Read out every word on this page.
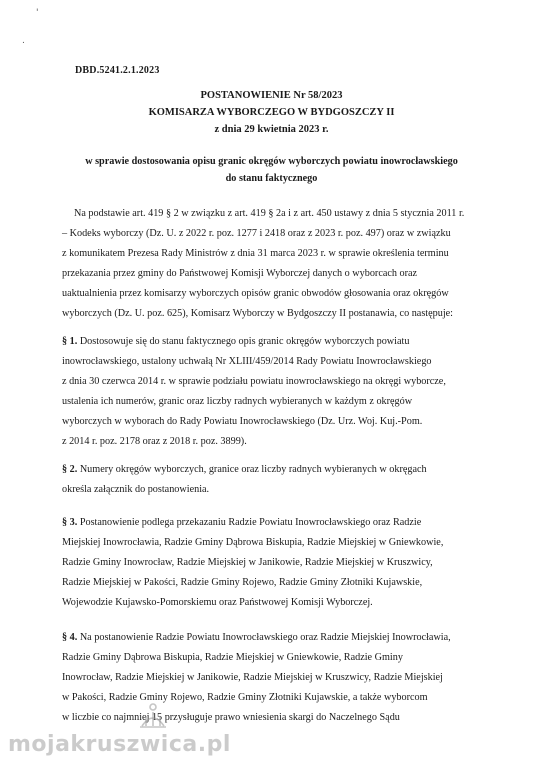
'
.
DBD.5241.2.1.2023
POSTANOWIENIE Nr 58/2023
KOMISARZA WYBORCZEGO W BYDGOSZCZY II
z dnia 29 kwietnia 2023 r.
w sprawie dostosowania opisu granic okręgów wyborczych powiatu inowrocławskiego
do stanu faktycznego
Na podstawie art. 419 § 2 w związku z art. 419 § 2a i z art. 450 ustawy z dnia 5 stycznia 2011 r.
– Kodeks wyborczy (Dz. U. z 2022 r. poz. 1277 i 2418 oraz z 2023 r. poz. 497) oraz w związku
z komunikatem Prezesa Rady Ministrów z dnia 31 marca 2023 r. w sprawie określenia terminu
przekazania przez gminy do Państwowej Komisji Wyborczej danych o wyborcach oraz
uaktualnienia przez komisarzy wyborczych opisów granic obwodów głosowania oraz okręgów
wyborczych (Dz. U. poz. 625), Komisarz Wyborczy w Bydgoszczy II postanawia, co następuje:
§ 1. Dostosowuje się do stanu faktycznego opis granic okręgów wyborczych powiatu
inowrocławskiego, ustalony uchwałą Nr XLIII/459/2014 Rady Powiatu Inowrocławskiego
z dnia 30 czerwca 2014 r. w sprawie podziału powiatu inowrocławskiego na okręgi wyborcze,
ustalenia ich numerów, granic oraz liczby radnych wybieranych w każdym z okręgów
wyborczych w wyborach do Rady Powiatu Inowrocławskiego (Dz. Urz. Woj. Kuj.-Pom.
z 2014 r. poz. 2178 oraz z 2018 r. poz. 3899).
§ 2. Numery okręgów wyborczych, granice oraz liczby radnych wybieranych w okręgach
określa załącznik do postanowienia.
§ 3. Postanowienie podlega przekazaniu Radzie Powiatu Inowrocławskiego oraz Radzie
Miejskiej Inowrocławia, Radzie Gminy Dąbrowa Biskupia, Radzie Miejskiej w Gniewkowie,
Radzie Gminy Inowrocław, Radzie Miejskiej w Janikowie, Radzie Miejskiej w Kruszwicy,
Radzie Miejskiej w Pakości, Radzie Gminy Rojewo, Radzie Gminy Złotniki Kujawskie,
Wojewodzie Kujawsko-Pomorskiemu oraz Państwowej Komisji Wyborczej.
§ 4. Na postanowienie Radzie Powiatu Inowrocławskiego oraz Radzie Miejskiej Inowrocławia,
Radzie Gminy Dąbrowa Biskupia, Radzie Miejskiej w Gniewkowie, Radzie Gminy
Inowrocław, Radzie Miejskiej w Janikowie, Radzie Miejskiej w Kruszwicy, Radzie Miejskiej
w Pakości, Radzie Gminy Rojewo, Radzie Gminy Złotniki Kujawskie, a także wyborcom
w liczbie co najmniej 15 przysługuje prawo wniesienia skargi do Naczelnego Sądu
mojakruszwica.pl
